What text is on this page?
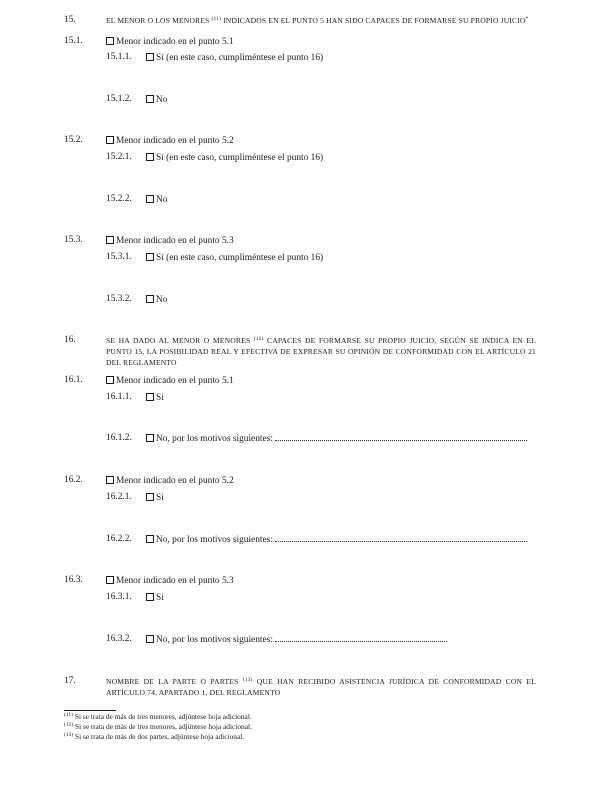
15.	EL MENOR O LOS MENORES $^{(11)}$ INDICADOS EN EL PUNTO 5 HAN SIDO CAPACES DE FORMARSE SU PROPIO JUICIO*
15.1.	Menor indicado en el punto 5.1
15.1.1.	Sí (en este caso, cumpliméntese el punto 16)
15.1.2.	No
15.2.	Menor indicado en el punto 5.2
15.2.1.	Sí (en este caso, cumpliméntese el punto 16)
15.2.2.	No
15.3.	Menor indicado en el punto 5.3
15.3.1.	Sí (en este caso, cumpliméntese el punto 16)
15.3.2.	No
16.	SE HA DADO AL MENOR O MENORES $^{(12)}$ CAPACES DE FORMARSE SU PROPIO JUICIO, SEGÚN SE INDICA EN EL PUNTO 15, LA POSIBILIDAD REAL Y EFECTIVA DE EXPRESAR SU OPINIÓN DE CONFORMIDAD CON EL ARTÍCULO 21 DEL REGLAMENTO
16.1.	Menor indicado en el punto 5.1
16.1.1.	Sí
16.1.2.	No, por los motivos siguientes:
16.2.	Menor indicado en el punto 5.2
16.2.1.	Sí
16.2.2.	No, por los motivos siguientes:
16.3.	Menor indicado en el punto 5.3
16.3.1.	Sí
16.3.2.	No, por los motivos siguientes:
17.	NOMBRE DE LA PARTE O PARTES $^{(13)}$ QUE HAN RECIBIDO ASISTENCIA JURÍDICA DE CONFORMIDAD CON EL ARTÍCULO 74, APARTADO 1, DEL REGLAMENTO
$^{(11)}$ Si se trata de más de tres menores, adjúntese hoja adicional.
$^{(12)}$ Si se trata de más de tres menores, adjúntese hoja adicional.
$^{(13)}$ Si se trata de más de dos partes, adjúntese hoja adicional.
